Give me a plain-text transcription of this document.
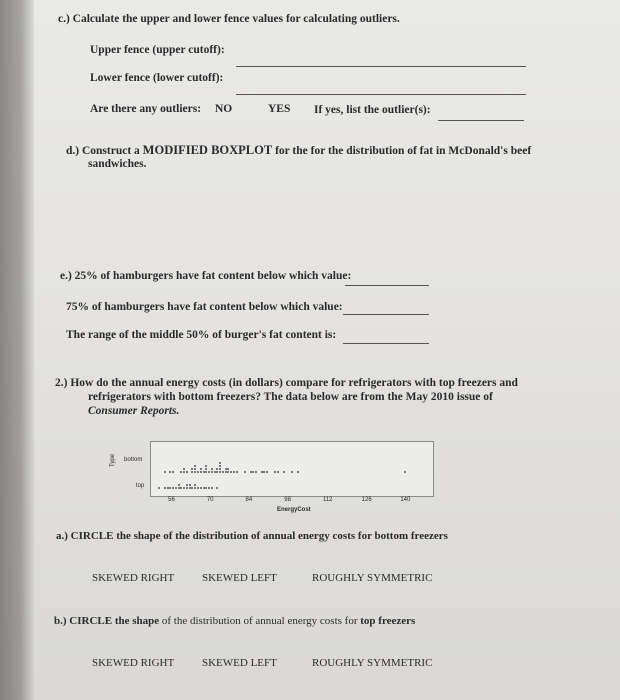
c.) Calculate the upper and lower fence values for calculating outliers.
Upper fence (upper cutoff):
Lower fence (lower cutoff):
Are there any outliers: NO	YES If yes, list the outlier(s):
d.) Construct a MODIFIED BOXPLOT for the for the distribution of fat in McDonald's beef
sandwiches.
e.) 25% of hamburgers have fat content below which value:
75% of hamburgers have fat content below which value:
The range of the middle 50% of burger's fat content is:
2.) How do the annual energy costs (in dollars) compare for refrigerators with top freezers and
refrigerators with bottom freezers? The data below are from the May 2010 issue of
Consumer Reports.
Type bottom
top
EnergyCost
56	70	84	98	112	126	140
a.) CIRCLE the shape of the distribution of annual energy costs for bottom freezers
SKEWED RIGHT	SKEWED LEFT	ROUGHLY SYMMETRIC
b.) CIRCLE the shape of the distribution of annual energy costs for top freezers
SKEWED RIGHT	SKEWED LEFT	ROUGHLY SYMMETRIC
